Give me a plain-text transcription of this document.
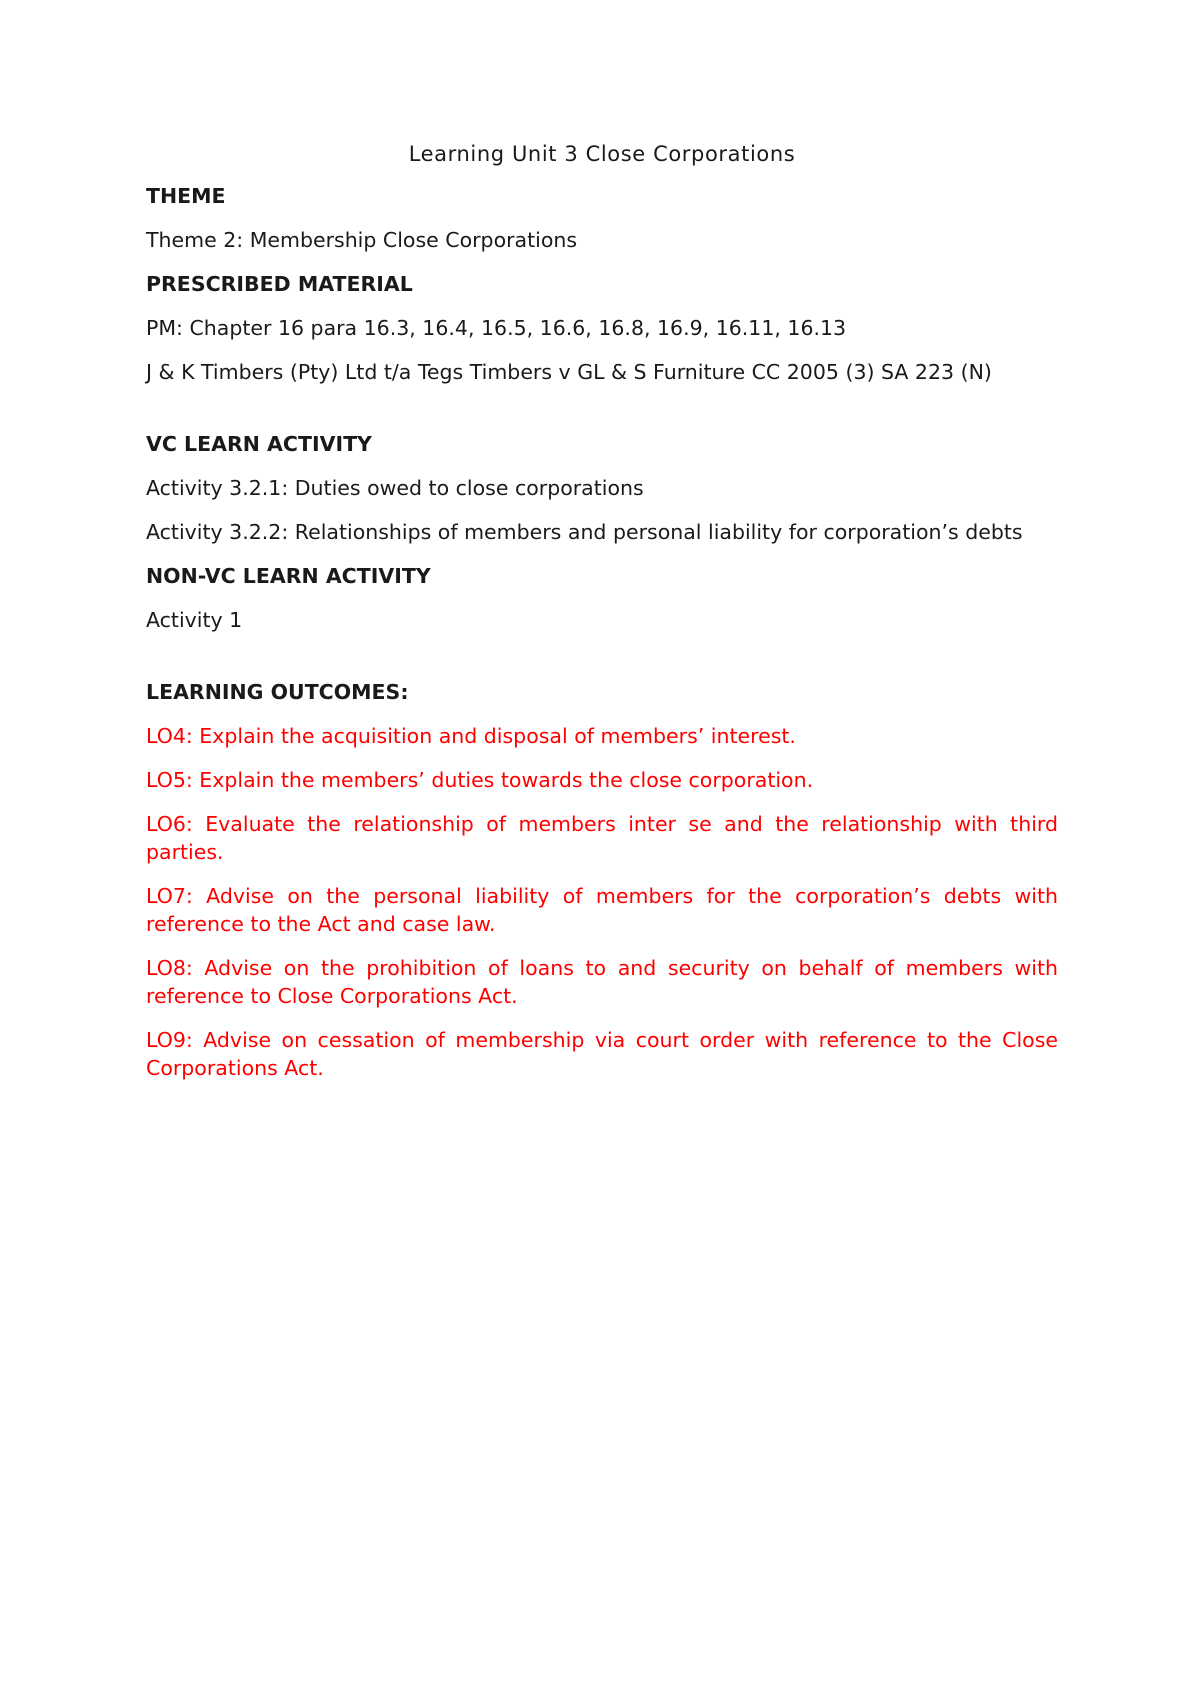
Learning Unit 3 Close Corporations
THEME
Theme 2: Membership Close Corporations
PRESCRIBED MATERIAL
PM: Chapter 16 para 16.3, 16.4, 16.5, 16.6, 16.8, 16.9, 16.11, 16.13
J & K Timbers (Pty) Ltd t/a Tegs Timbers v GL & S Furniture CC 2005 (3) SA 223 (N)
VC LEARN ACTIVITY
Activity 3.2.1: Duties owed to close corporations
Activity 3.2.2: Relationships of members and personal liability for corporation’s debts
NON-VC LEARN ACTIVITY
Activity 1
LEARNING OUTCOMES:
LO4: Explain the acquisition and disposal of members’ interest.
LO5: Explain the members’ duties towards the close corporation.
LO6: Evaluate the relationship of members inter se and the relationship with third parties.
LO7: Advise on the personal liability of members for the corporation’s debts with reference to the Act and case law.
LO8: Advise on the prohibition of loans to and security on behalf of members with reference to Close Corporations Act.
LO9: Advise on cessation of membership via court order with reference to the Close Corporations Act.
